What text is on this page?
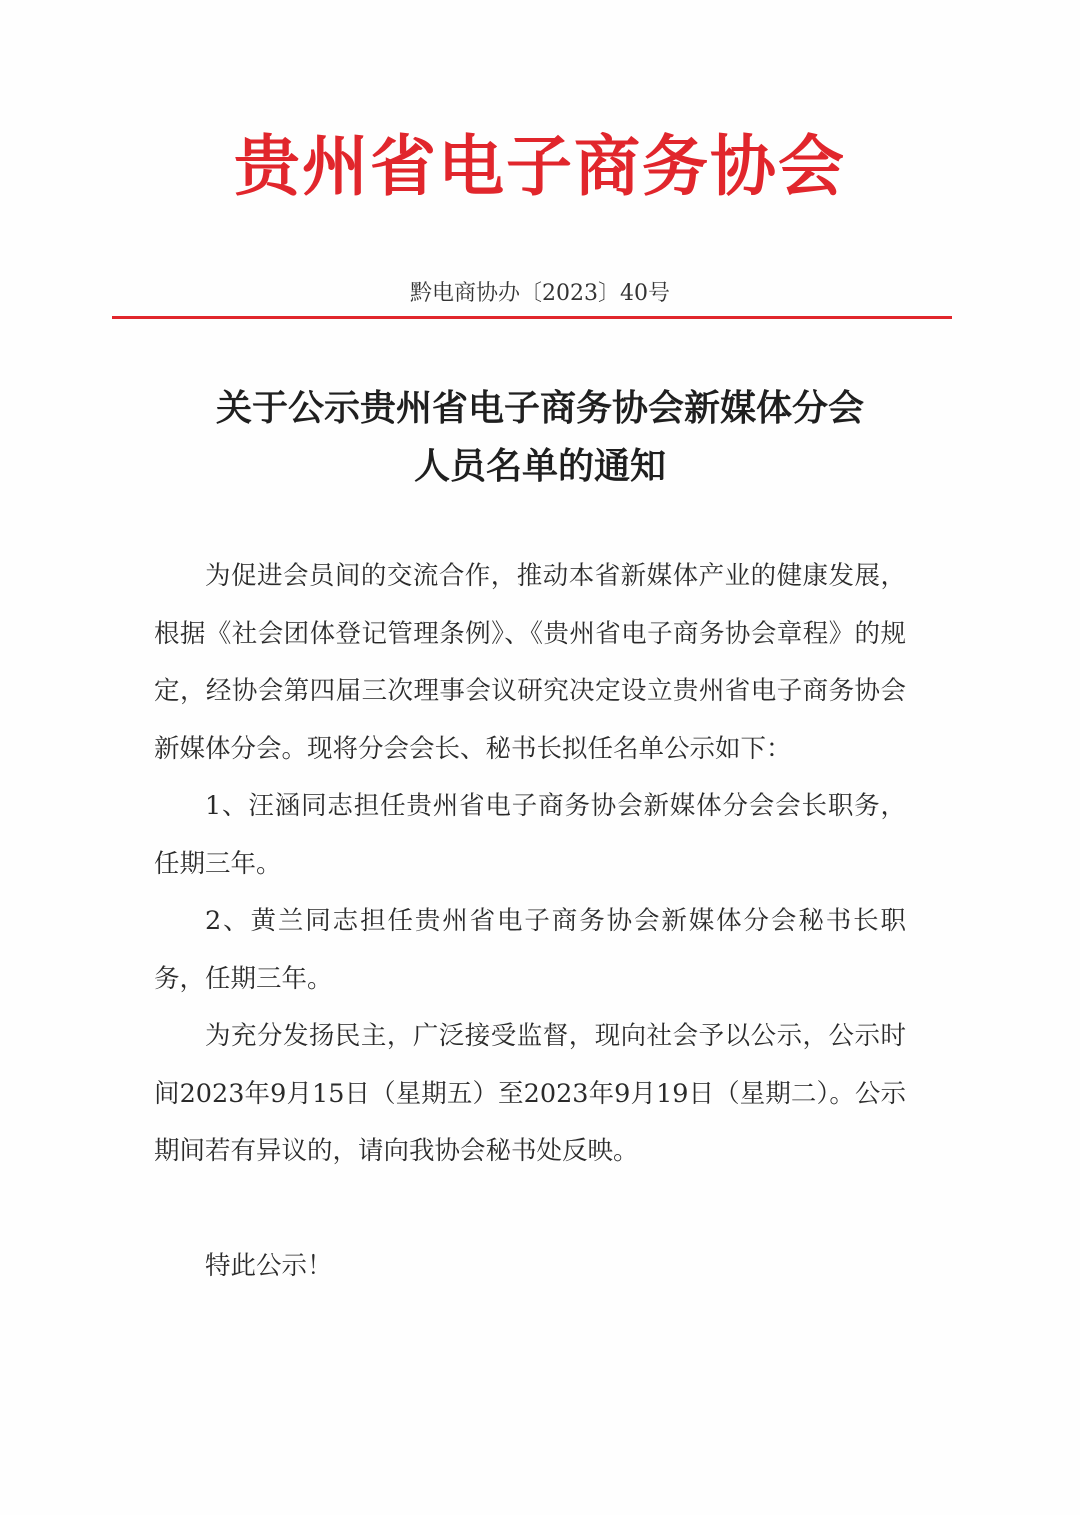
贵州省电子商务协会
黔电商协办〔2023〕40号
关于公示贵州省电子商务协会新媒体分会
人员名单的通知

为促进会员间的交流合作，推动本省新媒体产业的健康发展，根据《社会团体登记管理条例》、《贵州省电子商务协会章程》的规定，经协会第四届三次理事会议研究决定设立贵州省电子商务协会新媒体分会。现将分会会长、秘书长拟任名单公示如下：

1、汪涵同志担任贵州省电子商务协会新媒体分会会长职务，任期三年。

2、黄兰同志担任贵州省电子商务协会新媒体分会秘书长职务，任期三年。

为充分发扬民主，广泛接受监督，现向社会予以公示，公示时间2023年9月15日（星期五）至2023年9月19日（星期二）。公示期间若有异议的，请向我协会秘书处反映。

特此公示！
